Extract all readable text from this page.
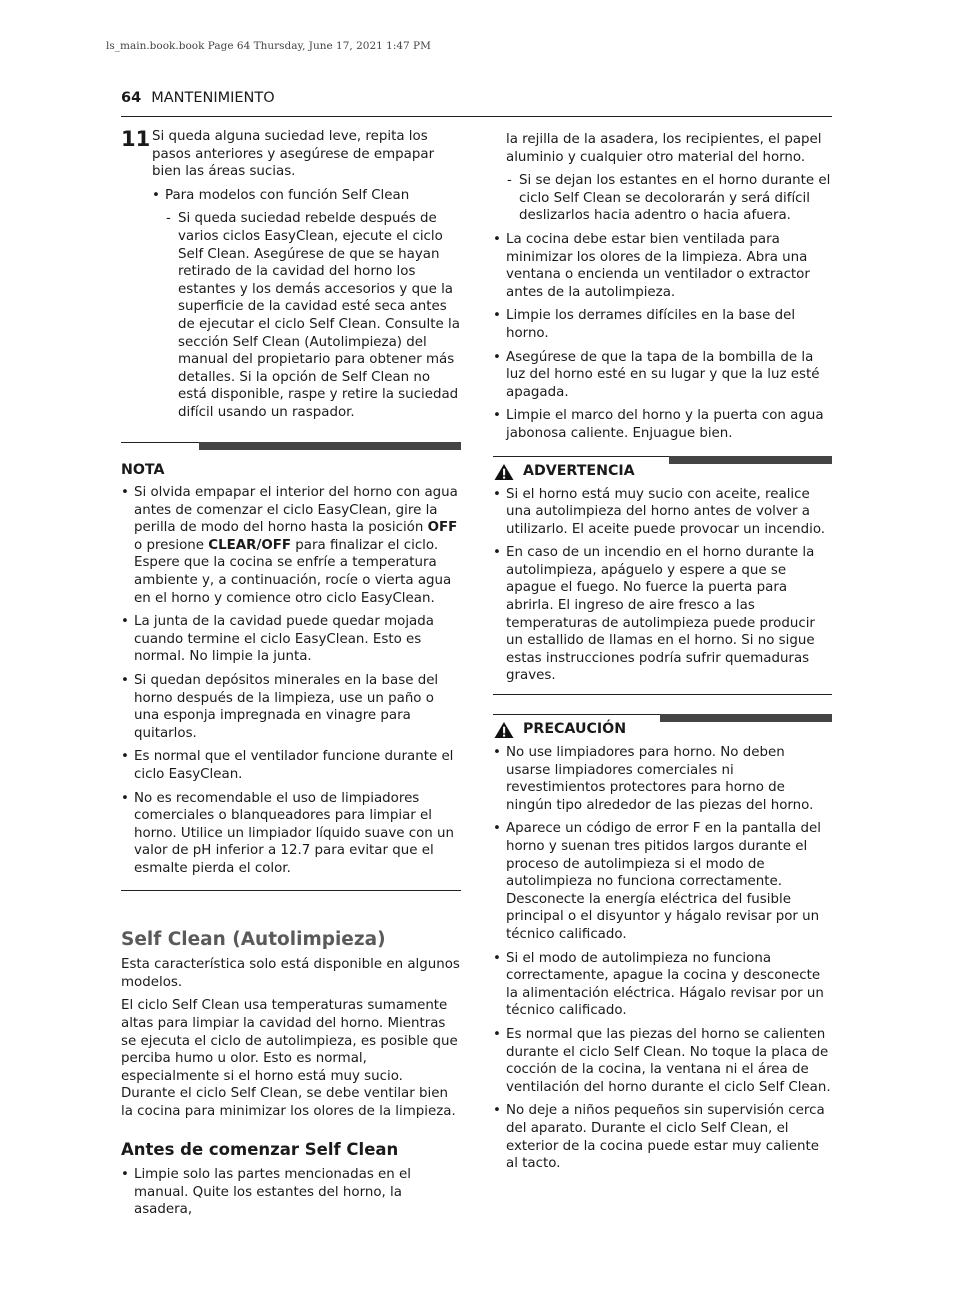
ls_main.book.book Page 64 Thursday, June 17, 2021 1:47 PM
64 MANTENIMIENTO
11 Si queda alguna suciedad leve, repita los pasos anteriores y asegúrese de empapar bien las áreas sucias.

• Para modelos con función Self Clean
- Si queda suciedad rebelde después de varios ciclos EasyClean, ejecute el ciclo Self Clean. Asegúrese de que se hayan retirado de la cavidad del horno los estantes y los demás accesorios y que la superficie de la cavidad esté seca antes de ejecutar el ciclo Self Clean. Consulte la sección Self Clean (Autolimpieza) del manual del propietario para obtener más detalles. Si la opción de Self Clean no está disponible, raspe y retire la suciedad difícil usando un raspador.
NOTA
• Si olvida empapar el interior del horno con agua antes de comenzar el ciclo EasyClean, gire la perilla de modo del horno hasta la posición OFF o presione CLEAR/OFF para finalizar el ciclo. Espere que la cocina se enfríe a temperatura ambiente y, a continuación, rocíe o vierta agua en el horno y comience otro ciclo EasyClean.
• La junta de la cavidad puede quedar mojada cuando termine el ciclo EasyClean. Esto es normal. No limpie la junta.
• Si quedan depósitos minerales en la base del horno después de la limpieza, use un paño o una esponja impregnada en vinagre para quitarlos.
• Es normal que el ventilador funcione durante el ciclo EasyClean.
• No es recomendable el uso de limpiadores comerciales o blanqueadores para limpiar el horno. Utilice un limpiador líquido suave con un valor de pH inferior a 12.7 para evitar que el esmalte pierda el color.
Self Clean (Autolimpieza)

Esta característica solo está disponible en algunos modelos.

El ciclo Self Clean usa temperaturas sumamente altas para limpiar la cavidad del horno. Mientras se ejecuta el ciclo de autolimpieza, es posible que perciba humo u olor. Esto es normal, especialmente si el horno está muy sucio. Durante el ciclo Self Clean, se debe ventilar bien la cocina para minimizar los olores de la limpieza.

Antes de comenzar Self Clean
• Limpie solo las partes mencionadas en el manual. Quite los estantes del horno, la asadera,
la rejilla de la asadera, los recipientes, el papel aluminio y cualquier otro material del horno.
- Si se dejan los estantes en el horno durante el ciclo Self Clean se decolorarán y será difícil deslizarlos hacia adentro o hacia afuera.
• La cocina debe estar bien ventilada para minimizar los olores de la limpieza. Abra una ventana o encienda un ventilador o extractor antes de la autolimpieza.
• Limpie los derrames difíciles en la base del horno.
• Asegúrese de que la tapa de la bombilla de la luz del horno esté en su lugar y que la luz esté apagada.
• Limpie el marco del horno y la puerta con agua jabonosa caliente. Enjuague bien.
ADVERTENCIA
• Si el horno está muy sucio con aceite, realice una autolimpieza del horno antes de volver a utilizarlo. El aceite puede provocar un incendio.
• En caso de un incendio en el horno durante la autolimpieza, apáguelo y espere a que se apague el fuego. No fuerce la puerta para abrirla. El ingreso de aire fresco a las temperaturas de autolimpieza puede producir un estallido de llamas en el horno. Si no sigue estas instrucciones podría sufrir quemaduras graves.
PRECAUCIÓN
• No use limpiadores para horno. No deben usarse limpiadores comerciales ni revestimientos protectores para horno de ningún tipo alrededor de las piezas del horno.
• Aparece un código de error F en la pantalla del horno y suenan tres pitidos largos durante el proceso de autolimpieza si el modo de autolimpieza no funciona correctamente. Desconecte la energía eléctrica del fusible principal o el disyuntor y hágalo revisar por un técnico calificado.
• Si el modo de autolimpieza no funciona correctamente, apague la cocina y desconecte la alimentación eléctrica. Hágalo revisar por un técnico calificado.
• Es normal que las piezas del horno se calienten durante el ciclo Self Clean. No toque la placa de cocción de la cocina, la ventana ni el área de ventilación del horno durante el ciclo Self Clean.
• No deje a niños pequeños sin supervisión cerca del aparato. Durante el ciclo Self Clean, el exterior de la cocina puede estar muy caliente al tacto.
